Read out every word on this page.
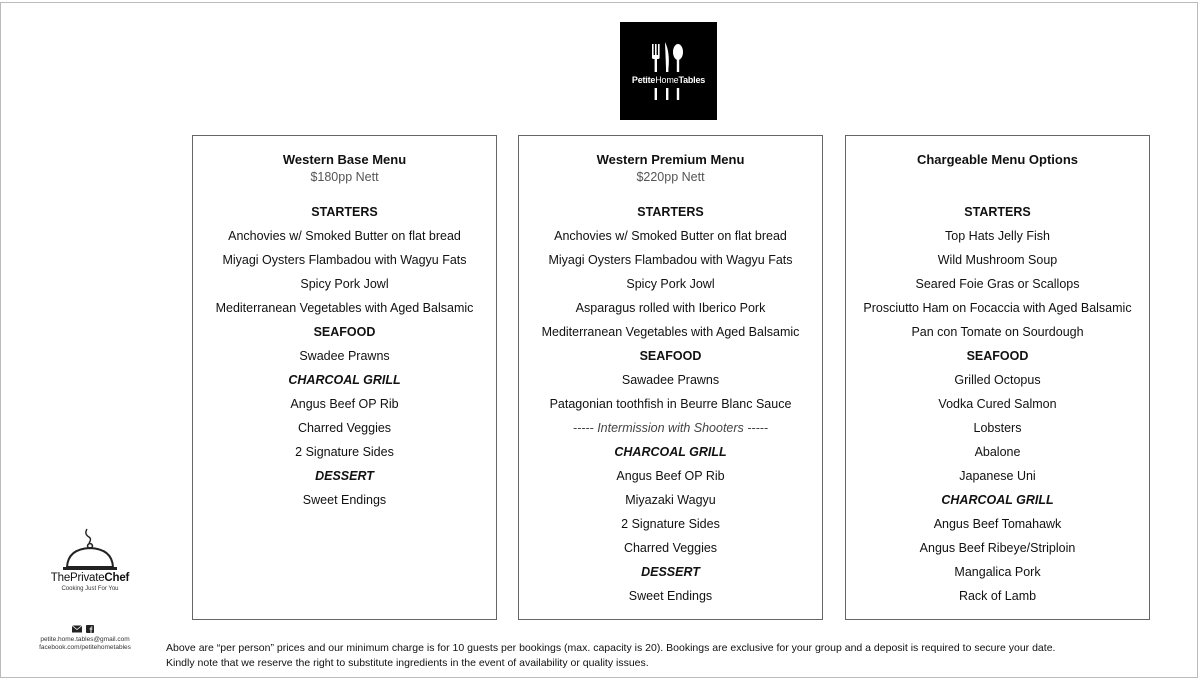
PetiteHomeTables
Western Base Menu
$180pp Nett
STARTERS
Anchovies w/ Smoked Butter on flat bread
Miyagi Oysters Flambadou with Wagyu Fats
Spicy Pork Jowl
Mediterranean Vegetables with Aged Balsamic
SEAFOOD
Swadee Prawns
CHARCOAL GRILL
Angus Beef OP Rib
Charred Veggies
2 Signature Sides
DESSERT
Sweet Endings
Western Premium Menu
$220pp Nett
STARTERS
Anchovies w/ Smoked Butter on flat bread
Miyagi Oysters Flambadou with Wagyu Fats
Spicy Pork Jowl
Asparagus rolled with Iberico Pork
Mediterranean Vegetables with Aged Balsamic
SEAFOOD
Sawadee Prawns
Patagonian toothfish in Beurre Blanc Sauce
----- Intermission with Shooters -----
CHARCOAL GRILL
Angus Beef OP Rib
Miyazaki Wagyu
2 Signature Sides
Charred Veggies
DESSERT
Sweet Endings
Chargeable Menu Options
STARTERS
Top Hats Jelly Fish
Wild Mushroom Soup
Seared Foie Gras or Scallops
Prosciutto Ham on Focaccia with Aged Balsamic
Pan con Tomate on Sourdough
SEAFOOD
Grilled Octopus
Vodka Cured Salmon
Lobsters
Abalone
Japanese Uni
CHARCOAL GRILL
Angus Beef Tomahawk
Angus Beef Ribeye/Striploin
Mangalica Pork
Rack of Lamb
ThePrivateChef
Cooking Just For You
petite.home.tables@gmail.com
facebook.com/petitehometables	Above are “per person” prices and our minimum charge is for 10 guests per bookings (max. capacity is 20). Bookings are exclusive for your group and a deposit is required to secure your date.
Kindly note that we reserve the right to substitute ingredients in the event of availability or quality issues.
